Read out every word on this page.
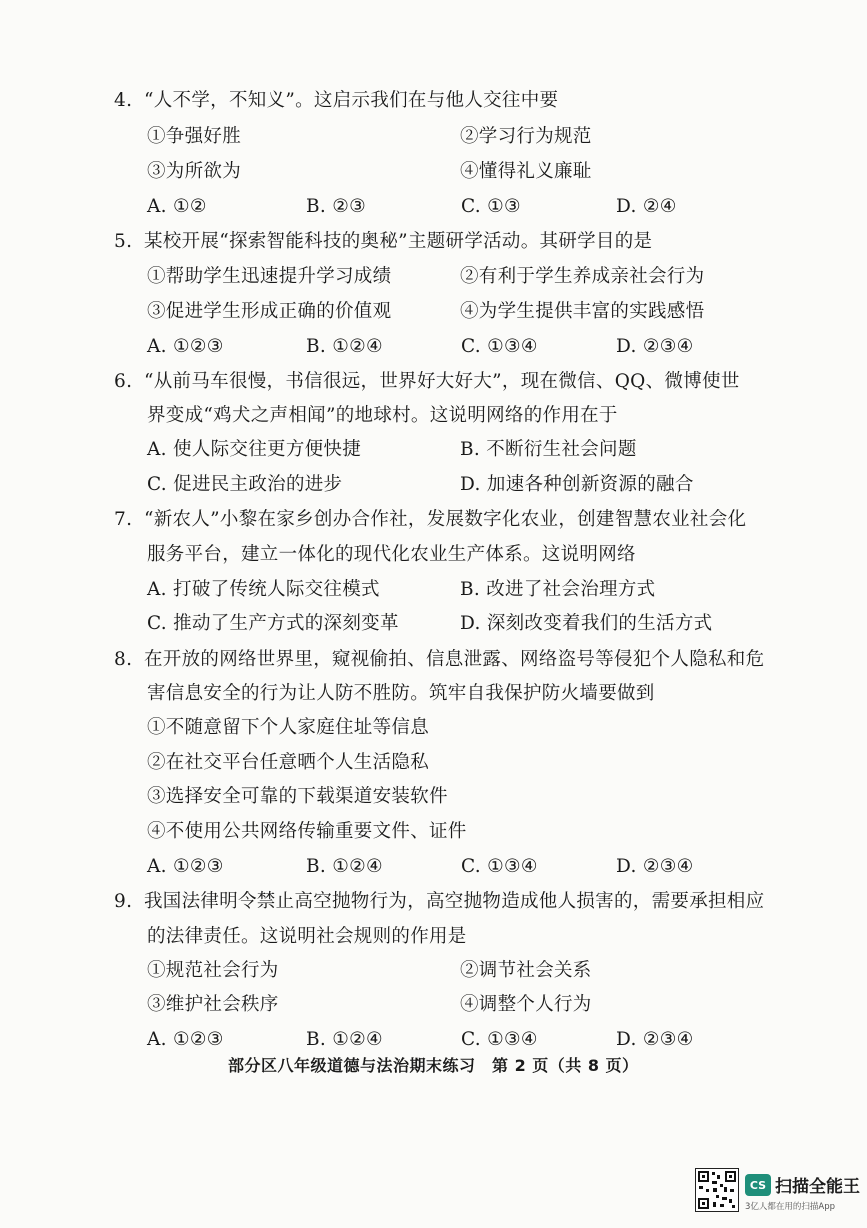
4. “人不学，不知义”。这启示我们在与他人交往中要
①争强好胜	②学习行为规范
③为所欲为	④懂得礼义廉耻
A. ①②	B. ②③	C. ①③	D. ②④
5. 某校开展“探索智能科技的奥秘”主题研学活动。其研学目的是
①帮助学生迅速提升学习成绩	②有利于学生养成亲社会行为
③促进学生形成正确的价值观	④为学生提供丰富的实践感悟
A. ①②③	B. ①②④	C. ①③④	D. ②③④
6. “从前马车很慢，书信很远，世界好大好大”，现在微信、QQ、微博使世
界变成“鸡犬之声相闻”的地球村。这说明网络的作用在于
A. 使人际交往更方便快捷	B. 不断衍生社会问题
C. 促进民主政治的进步	D. 加速各种创新资源的融合
7. “新农人”小黎在家乡创办合作社，发展数字化农业，创建智慧农业社会化
服务平台，建立一体化的现代化农业生产体系。这说明网络
A. 打破了传统人际交往模式	B. 改进了社会治理方式
C. 推动了生产方式的深刻变革	D. 深刻改变着我们的生活方式
8. 在开放的网络世界里，窥视偷拍、信息泄露、网络盗号等侵犯个人隐私和危
害信息安全的行为让人防不胜防。筑牢自我保护防火墙要做到
①不随意留下个人家庭住址等信息
②在社交平台任意晒个人生活隐私
③选择安全可靠的下载渠道安装软件
④不使用公共网络传输重要文件、证件
A. ①②③	B. ①②④	C. ①③④	D. ②③④
9. 我国法律明令禁止高空抛物行为，高空抛物造成他人损害的，需要承担相应
的法律责任。这说明社会规则的作用是
①规范社会行为	②调节社会关系
③维护社会秩序	④调整个人行为
A. ①②③	B. ①②④	C. ①③④	D. ②③④
部分区八年级道德与法治期末练习　第 2 页（共 8 页）
CS 扫描全能王
3亿人都在用的扫描App
